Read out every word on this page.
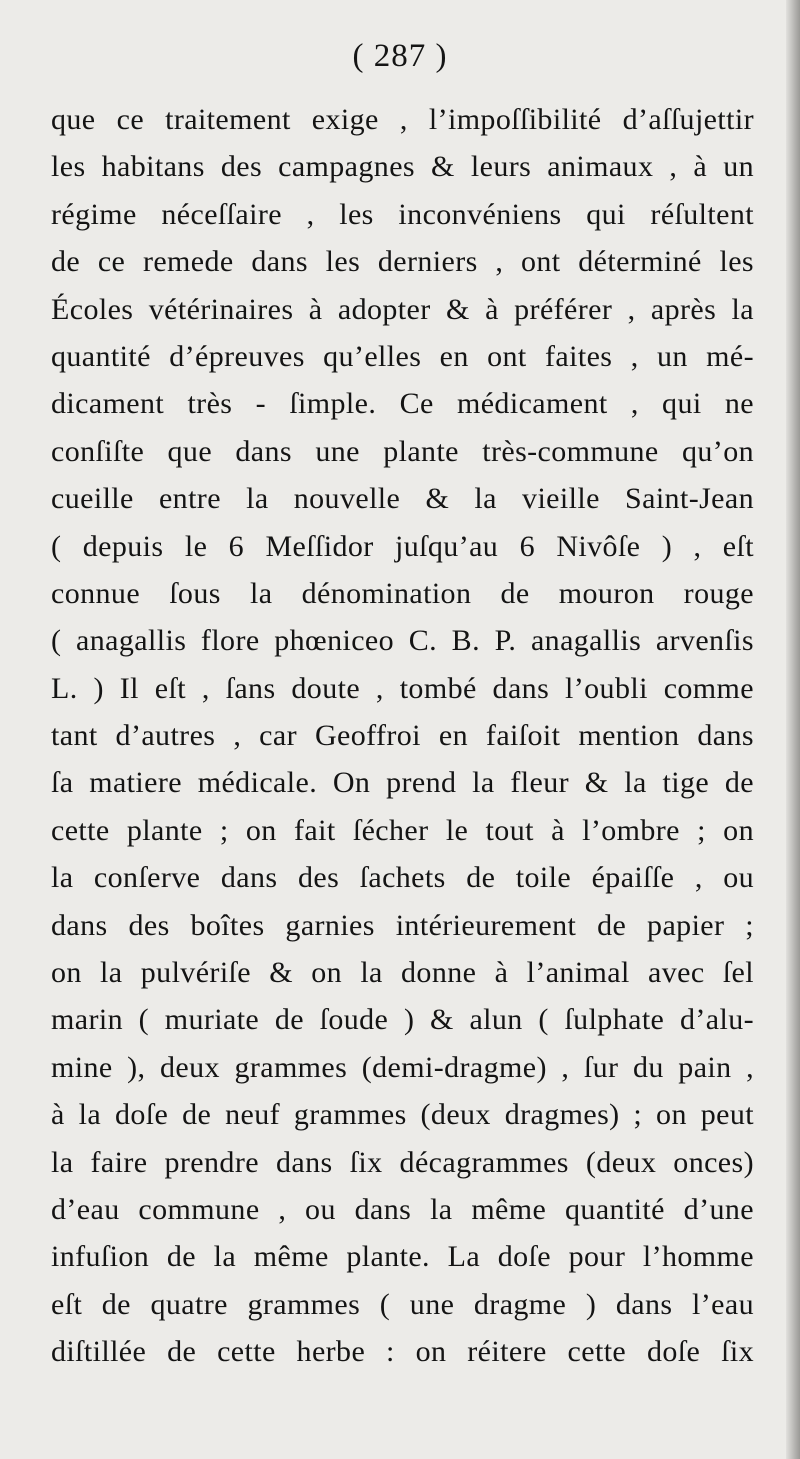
( 287 )
que ce traitement exige , l’impoſſibilité d’aſſujettir
les habitans des campagnes & leurs animaux , à un
régime néceſſaire , les inconvéniens qui réſultent
de ce remede dans les derniers , ont déterminé les
Écoles vétérinaires à adopter & à préférer , après la
quantité d’épreuves qu’elles en ont faites , un mé-
dicament très - ſimple. Ce médicament , qui ne
conſiſte que dans une plante très-commune qu’on
cueille entre la nouvelle & la vieille Saint-Jean
( depuis le 6 Meſſidor juſqu’au 6 Nivôſe ) , eſt
connue ſous la dénomination de mouron rouge
( anagallis flore phœniceo C. B. P. anagallis arvenſis
L. ) Il eſt , ſans doute , tombé dans l’oubli comme
tant d’autres , car Geoffroi en faiſoit mention dans
ſa matiere médicale. On prend la fleur & la tige de
cette plante ; on fait ſécher le tout à l’ombre ; on
la conſerve dans des ſachets de toile épaiſſe , ou
dans des boîtes garnies intérieurement de papier ;
on la pulvériſe & on la donne à l’animal avec ſel
marin ( muriate de ſoude ) & alun ( ſulphate d’alu-
mine ), deux grammes (demi-dragme) , ſur du pain ,
à la doſe de neuf grammes (deux dragmes) ; on peut
la faire prendre dans ſix décagrammes (deux onces)
d’eau commune , ou dans la même quantité d’une
infuſion de la même plante. La doſe pour l’homme
eſt de quatre grammes ( une dragme ) dans l’eau
diſtillée de cette herbe : on réitere cette doſe ſix
